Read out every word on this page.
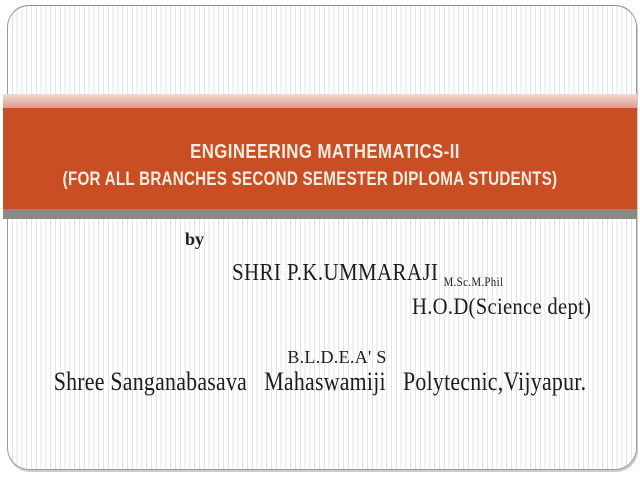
ENGINEERING MATHEMATICS-II
(FOR ALL BRANCHES SECOND SEMESTER DIPLOMA STUDENTS)
by
SHRI P.K.UMMARAJI $_{M.Sc.M.Phil}$
H.O.D(Science dept)
B.L.D.E.A' S
Shree Sanganabasava   Mahaswamiji   Polytecnic,Vijyapur.
